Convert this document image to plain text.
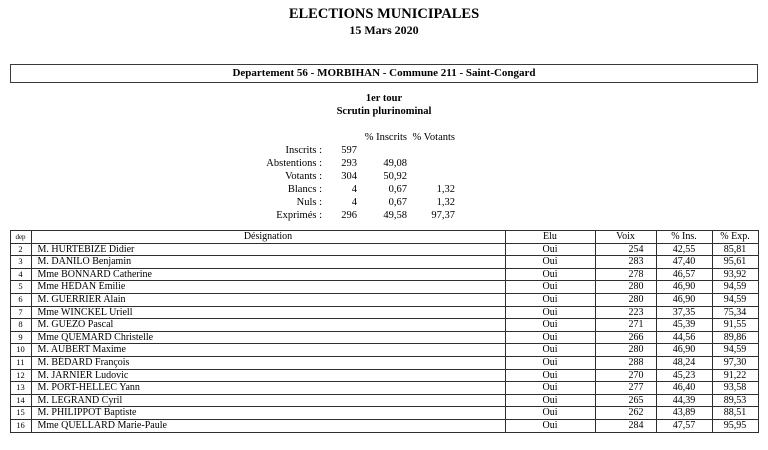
ELECTIONS MUNICIPALES
15 Mars 2020
Departement 56 - MORBIHAN - Commune 211 - Saint-Congard
1er tour
Scrutin plurinominal
		% Inscrits	% Votants
Inscrits :	597		
Abstentions :	293	49,08	
Votants :	304	50,92	
Blancs :	4	0,67	1,32
Nuls :	4	0,67	1,32
Exprimés :	296	49,58	97,37
dep	Désignation	Elu	Voix	% Ins.	% Exp.
2	M. HURTEBIZE Didier	Oui	254	42,55	85,81
3	M. DANILO Benjamin	Oui	283	47,40	95,61
4	Mme BONNARD Catherine	Oui	278	46,57	93,92
5	Mme HÉDAN Émilie	Oui	280	46,90	94,59
6	M. GUERRIER Alain	Oui	280	46,90	94,59
7	Mme WINCKEL Uriell	Oui	223	37,35	75,34
8	M. GUEZO Pascal	Oui	271	45,39	91,55
9	Mme QUEMARD Christelle	Oui	266	44,56	89,86
10	M. AUBERT Maxime	Oui	280	46,90	94,59
11	M. BÉDARD François	Oui	288	48,24	97,30
12	M. JARNIER Ludovic	Oui	270	45,23	91,22
13	M. PORT-HELLEC Yann	Oui	277	46,40	93,58
14	M. LEGRAND Cyril	Oui	265	44,39	89,53
15	M. PHILIPPOT Baptiste	Oui	262	43,89	88,51
16	Mme QUELLARD Marie-Paule	Oui	284	47,57	95,95
